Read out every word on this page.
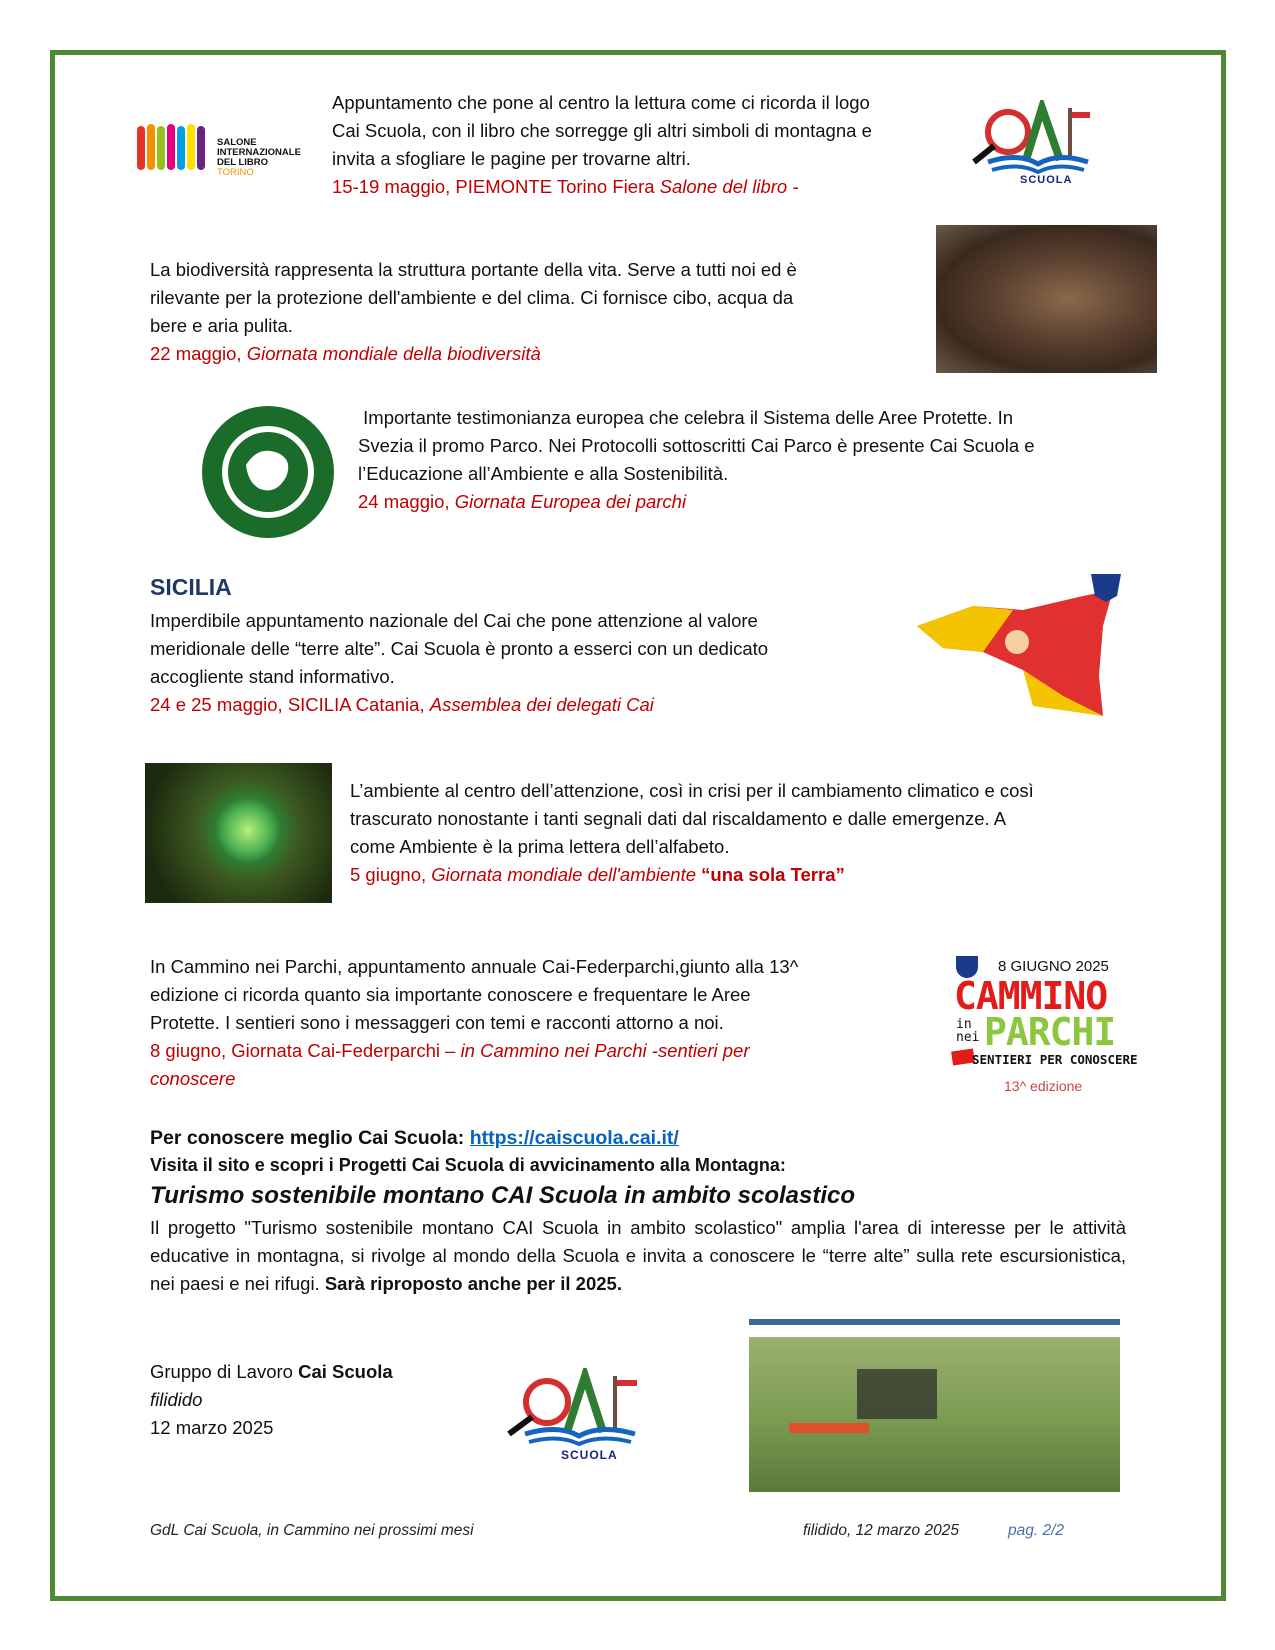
SALONE
INTERNAZIONALE
DEL LIBRO TORINO
Appuntamento che pone al centro la lettura come ci ricorda il logo
Cai Scuola, con il libro che sorregge gli altri simboli di montagna e
invita a sfogliare le pagine per trovarne altri.
15-19 maggio, PIEMONTE Torino Fiera Salone del libro -	SCUOLA
La biodiversità rappresenta la struttura portante della vita. Serve a tutti noi ed è
rilevante per la protezione dell'ambiente e del clima. Ci fornisce cibo, acqua da
bere e aria pulita.
22 maggio, Giornata mondiale della biodiversità
Importante testimonianza europea che celebra il Sistema delle Aree Protette. In
Svezia il promo Parco. Nei Protocolli sottoscritti Cai Parco è presente Cai Scuola e
l’Educazione all’Ambiente e alla Sostenibilità.
24 maggio, Giornata Europea dei parchi
SICILIA
Imperdibile appuntamento nazionale del Cai che pone attenzione al valore
meridionale delle “terre alte”. Cai Scuola è pronto a esserci con un dedicato
accogliente stand informativo.
24 e 25 maggio, SICILIA Catania, Assemblea dei delegati Cai
L’ambiente al centro dell’attenzione, così in crisi per il cambiamento climatico e così
trascurato nonostante i tanti segnali dati dal riscaldamento e dalle emergenze. A
come Ambiente è la prima lettera dell’alfabeto.
5 giugno, Giornata mondiale dell'ambiente “una sola Terra”
In Cammino nei Parchi, appuntamento annuale Cai-Federparchi,giunto alla 13^
edizione ci ricorda quanto sia importante conoscere e frequentare le Aree
Protette. I sentieri sono i messaggeri con temi e racconti attorno a noi.
8 giugno, Giornata Cai-Federparchi – in Cammino nei Parchi -sentieri per
conoscere
8 GIUGNO 2025
CAMMINO
in
nei PARCHI
SENTIERI PER CONOSCERE
13^ edizione
Per conoscere meglio Cai Scuola: https://caiscuola.cai.it/
Visita il sito e scopri i Progetti Cai Scuola di avvicinamento alla Montagna:
Turismo sostenibile montano CAI Scuola in ambito scolastico
Il progetto "Turismo sostenibile montano CAI Scuola in ambito scolastico" amplia l'area di interesse per le attività educative in montagna, si rivolge al mondo della Scuola e invita a conoscere le “terre alte” sulla rete escursionistica, nei paesi e nei rifugi. Sarà riproposto anche per il 2025.
Gruppo di Lavoro Cai Scuola
filidido
12 marzo 2025
SCUOLA
GdL Cai Scuola, in Cammino nei prossimi mesi	filidido, 12 marzo 2025	pag. 2/2
